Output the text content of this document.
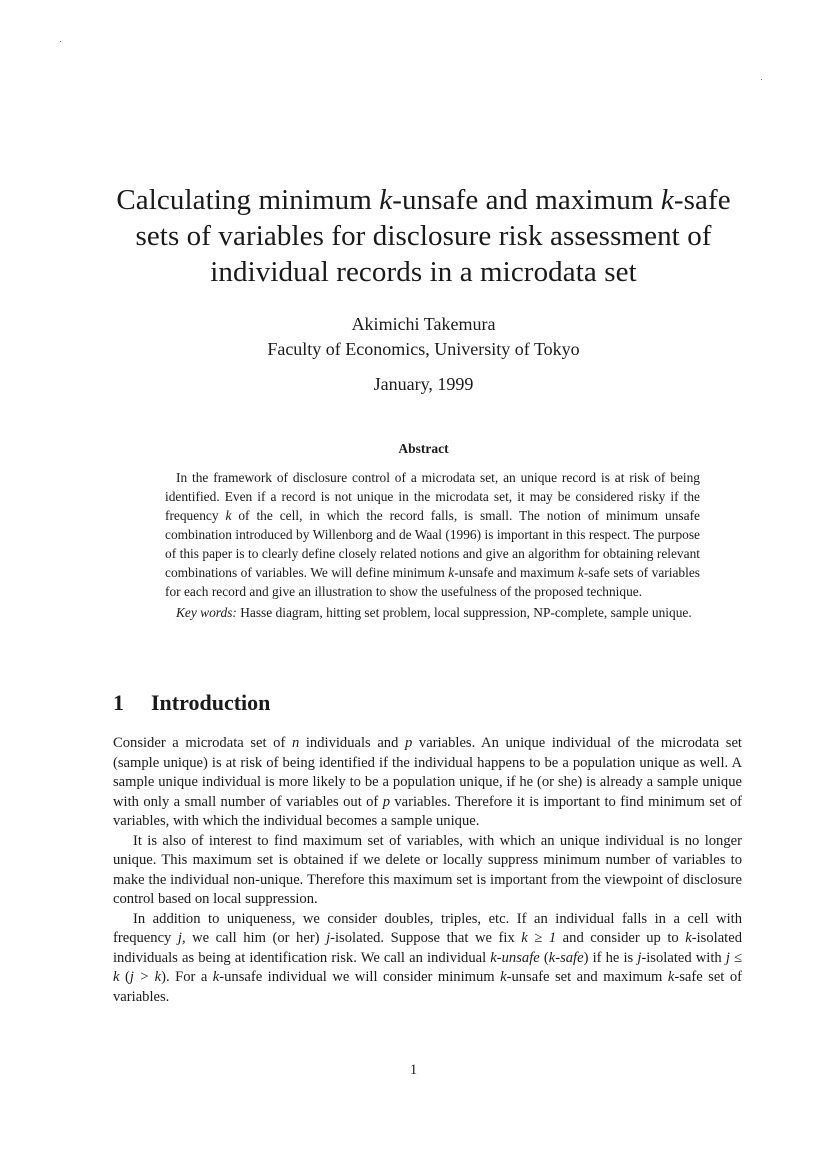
Calculating minimum k-unsafe and maximum k-safe
sets of variables for disclosure risk assessment of
individual records in a microdata set
Akimichi Takemura
Faculty of Economics, University of Tokyo
January, 1999
Abstract

In the framework of disclosure control of a microdata set, an unique record is at risk of being identified. Even if a record is not unique in the microdata set, it may be considered risky if the frequency k of the cell, in which the record falls, is small. The notion of minimum unsafe combination introduced by Willenborg and de Waal (1996) is important in this respect. The purpose of this paper is to clearly define closely related notions and give an algorithm for obtaining relevant combinations of variables. We will define minimum k-unsafe and maximum k-safe sets of variables for each record and give an illustration to show the usefulness of the proposed technique.

Key words: Hasse diagram, hitting set problem, local suppression, NP-complete, sample unique.

1 Introduction

Consider a microdata set of n individuals and p variables. An unique individual of the microdata set (sample unique) is at risk of being identified if the individual happens to be a population unique as well. A sample unique individual is more likely to be a population unique, if he (or she) is already a sample unique with only a small number of variables out of p variables. Therefore it is important to find minimum set of variables, with which the individual becomes a sample unique.

It is also of interest to find maximum set of variables, with which an unique individual is no longer unique. This maximum set is obtained if we delete or locally suppress minimum number of variables to make the individual non-unique. Therefore this maximum set is important from the viewpoint of disclosure control based on local suppression.

In addition to uniqueness, we consider doubles, triples, etc. If an individual falls in a cell with frequency j, we call him (or her) j-isolated. Suppose that we fix k ≥ 1 and consider up to k-isolated individuals as being at identification risk. We call an individual k-unsafe (k-safe) if he is j-isolated with j ≤ k (j > k). For a k-unsafe individual we will consider minimum k-unsafe set and maximum k-safe set of variables.

1
